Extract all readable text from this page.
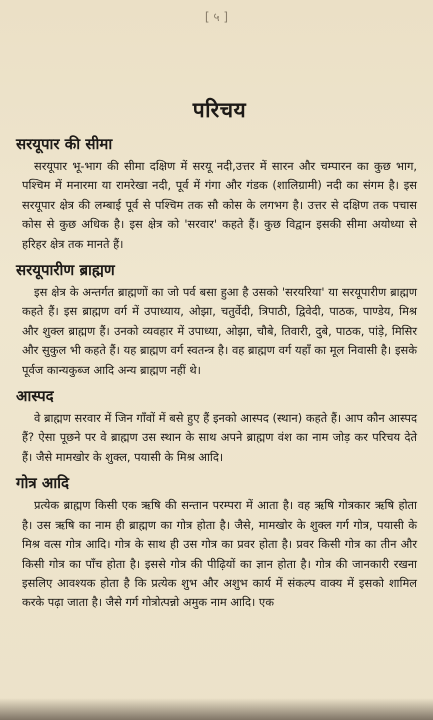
[ ५ ]
परिचय
सरयूपार की सीमा

सरयूपार भू-भाग की सीमा दक्षिण में सरयू नदी,उत्तर में सारन और चम्पारन का कुछ भाग, पश्चिम में मनारमा या रामरेखा नदी, पूर्व में गंगा और गंडक (शालिग्रामी) नदी का संगम है। इस सरयूपार क्षेत्र की लम्बाई पूर्व से पश्चिम तक सौ कोस के लगभग है। उत्तर से दक्षिण तक पचास कोस से कुछ अधिक है। इस क्षेत्र को 'सरवार' कहते हैं। कुछ विद्वान इसकी सीमा अयोध्या से हरिहर क्षेत्र तक मानते हैं।

सरयूपारीण ब्राह्मण

इस क्षेत्र के अन्तर्गत ब्राह्मणों का जो पर्व बसा हुआ है उसको 'सरयरिया' या सरयूपारीण ब्राह्मण कहते हैं। इस ब्राह्मण वर्ग में उपाध्याय, ओझा, चतुर्वेदी, त्रिपाठी, द्विवेदी, पाठक, पाण्डेय, मिश्र और शुक्ल ब्राह्मण हैं। उनको व्यवहार में उपाध्या, ओझा, चौबे, तिवारी, दुबे, पाठक, पांड़े, मिसिर और सुकुल भी कहते हैं। यह ब्राह्मण वर्ग स्वतन्त्र है। वह ब्राह्मण वर्ग यहाँ का मूल निवासी है। इसके पूर्वज कान्यकुब्ज आदि अन्य ब्राह्मण नहीं थे।

आस्पद

वे ब्राह्मण सरवार में जिन गाँवों में बसे हुए हैं इनको आस्पद (स्थान) कहते हैं। आप कौन आस्पद हैं? ऐसा पूछने पर वे ब्राह्मण उस स्थान के साथ अपने ब्राह्मण वंश का नाम जोड़ कर परिचय देते हैं। जैसे मामखोर के शुक्ल, पयासी के मिश्र आदि।

गोत्र आदि

प्रत्येक ब्राह्मण किसी एक ऋषि की सन्तान परम्परा में आता है। वह ऋषि गोत्रकार ऋषि होता है। उस ऋषि का नाम ही ब्राह्मण का गोत्र होता है। जैसे, मामखोर के शुक्ल गर्ग गोत्र, पयासी के मिश्र वत्स गोत्र आदि। गोत्र के साथ ही उस गोत्र का प्रवर होता है। प्रवर किसी गोत्र का तीन और किसी गोत्र का पाँच होता है। इससे गोत्र की पीढ़ियों का ज्ञान होता है। गोत्र की जानकारी रखना इसलिए आवश्यक होता है कि प्रत्येक शुभ और अशुभ कार्य में संकल्प वाक्य में इसको शामिल करके पढ़ा जाता है। जैसे गर्ग गोत्रोत्पन्नो अमुक नाम आदि। एक
